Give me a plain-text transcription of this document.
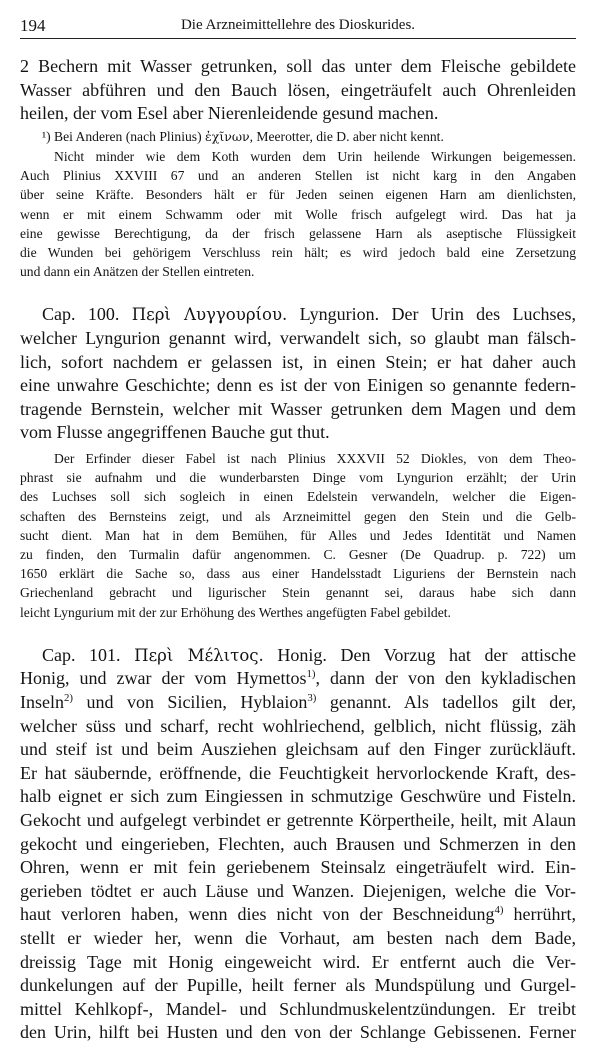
194	Die Arzneimittellehre des Dioskurides.
2 Bechern mit Wasser getrunken, soll das unter dem Fleische gebildete
Wasser abführen und den Bauch lösen, eingeträufelt auch Ohrenleiden
heilen, der vom Esel aber Nierenleidende gesund machen.
¹) Bei Anderen (nach Plinius) ἐχῖνων, Meerotter, die D. aber nicht kennt.
Nicht minder wie dem Koth wurden dem Urin heilende Wirkungen beigemessen.
Auch Plinius XXVIII 67 und an anderen Stellen ist nicht karg in den Angaben
über seine Kräfte. Besonders hält er für Jeden seinen eigenen Harn am dienlichsten,
wenn er mit einem Schwamm oder mit Wolle frisch aufgelegt wird. Das hat ja
eine gewisse Berechtigung, da der frisch gelassene Harn als aseptische Flüssigkeit
die Wunden bei gehörigem Verschluss rein hält; es wird jedoch bald eine Zersetzung
und dann ein Anätzen der Stellen eintreten.
Cap. 100. Περὶ Λυγγουρίου. Lyngurion. Der Urin des Luchses,
welcher Lyngurion genannt wird, verwandelt sich, so glaubt man fälsch-
lich, sofort nachdem er gelassen ist, in einen Stein; er hat daher auch
eine unwahre Geschichte; denn es ist der von Einigen so genannte federn-
tragende Bernstein, welcher mit Wasser getrunken dem Magen und dem
vom Flusse angegriffenen Bauche gut thut.
Der Erfinder dieser Fabel ist nach Plinius XXXVII 52 Diokles, von dem Theo-
phrast sie aufnahm und die wunderbarsten Dinge vom Lyngurion erzählt; der Urin
des Luchses soll sich sogleich in einen Edelstein verwandeln, welcher die Eigen-
schaften des Bernsteins zeigt, und als Arzneimittel gegen den Stein und die Gelb-
sucht dient. Man hat in dem Bemühen, für Alles und Jedes Identität und Namen
zu finden, den Turmalin dafür angenommen. C. Gesner (De Quadrup. p. 722) um
1650 erklärt die Sache so, dass aus einer Handelsstadt Liguriens der Bernstein nach
Griechenland gebracht und ligurischer Stein genannt sei, daraus habe sich dann
leicht Lyngurium mit der zur Erhöhung des Werthes angefügten Fabel gebildet.
Cap. 101. Περὶ Μέλιτος. Honig. Den Vorzug hat der attische
Honig, und zwar der vom Hymettos$^{1)}$, dann der von den kykladischen
Inseln$^{2)}$ und von Sicilien, Hyblaion$^{3)}$ genannt. Als tadellos gilt der,
welcher süss und scharf, recht wohlriechend, gelblich, nicht flüssig, zäh
und steif ist und beim Ausziehen gleichsam auf den Finger zurückläuft.
Er hat säubernde, eröffnende, die Feuchtigkeit hervorlockende Kraft, des-
halb eignet er sich zum Eingiessen in schmutzige Geschwüre und Fisteln.
Gekocht und aufgelegt verbindet er getrennte Körpertheile, heilt, mit Alaun
gekocht und eingerieben, Flechten, auch Brausen und Schmerzen in den
Ohren, wenn er mit fein geriebenem Steinsalz eingeträufelt wird. Ein-
gerieben tödtet er auch Läuse und Wanzen. Diejenigen, welche die Vor-
haut verloren haben, wenn dies nicht von der Beschneidung$^{4)}$ herrührt,
stellt er wieder her, wenn die Vorhaut, am besten nach dem Bade,
dreissig Tage mit Honig eingeweicht wird. Er entfernt auch die Ver-
dunkelungen auf der Pupille, heilt ferner als Mundspülung und Gurgel-
mittel Kehlkopf-, Mandel- und Schlundmuskelentzündungen. Er treibt
den Urin, hilft bei Husten und den von der Schlange Gebissenen. Ferner
